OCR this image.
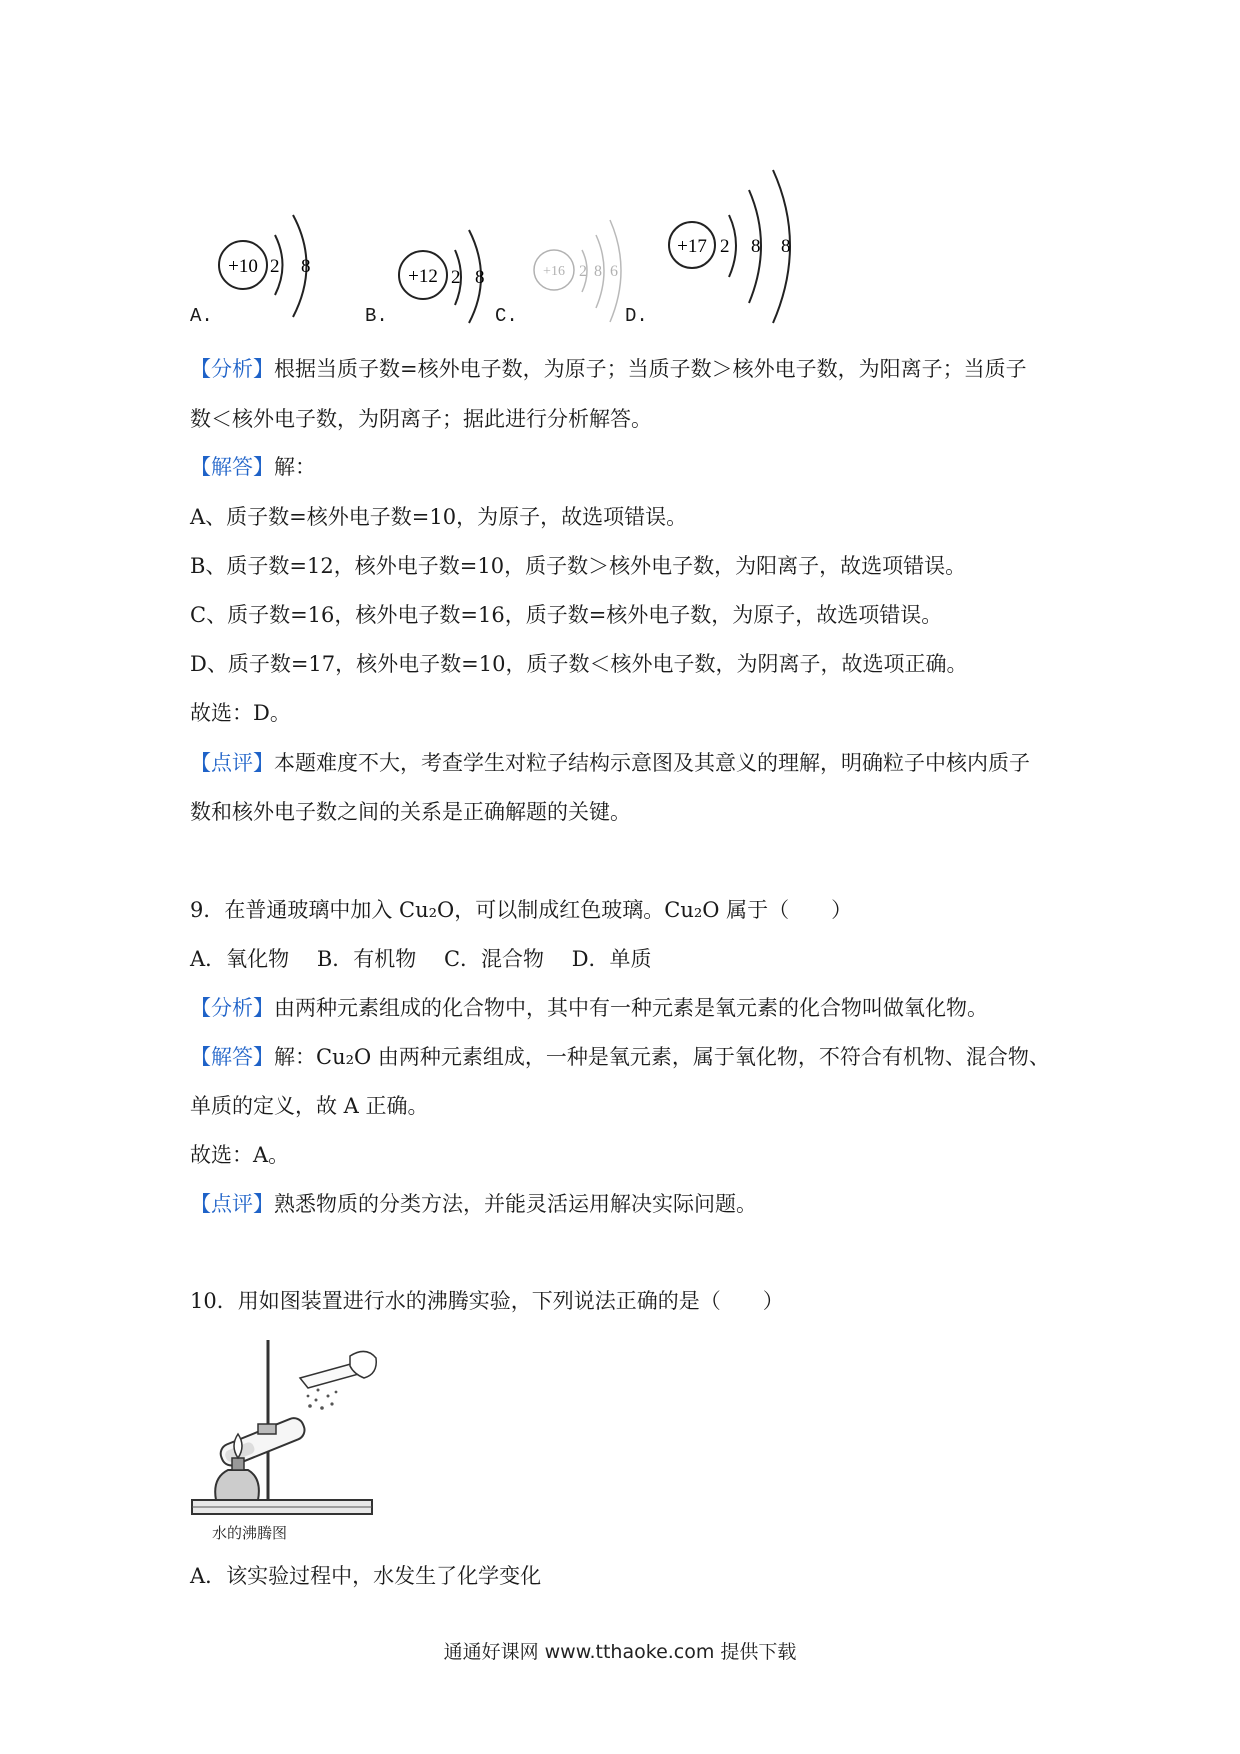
+10 2 8
A.
+12 2 8
B.
+16 2 8 6
C.
+17 2 8 8
D.
【分析】根据当质子数=核外电子数，为原子；当质子数＞核外电子数，为阳离子；当质子
数＜核外电子数，为阴离子；据此进行分析解答。
【解答】解：
A、质子数=核外电子数=10，为原子，故选项错误。
B、质子数=12，核外电子数=10，质子数＞核外电子数，为阳离子，故选项错误。
C、质子数=16，核外电子数=16，质子数=核外电子数，为原子，故选项错误。
D、质子数=17，核外电子数=10，质子数＜核外电子数，为阴离子，故选项正确。
故选：D。
【点评】本题难度不大，考查学生对粒子结构示意图及其意义的理解，明确粒子中核内质子
数和核外电子数之间的关系是正确解题的关键。
9．在普通玻璃中加入 Cu₂O，可以制成红色玻璃。Cu₂O 属于（　　）
A．氧化物　 B．有机物　 C．混合物　 D．单质
【分析】由两种元素组成的化合物中，其中有一种元素是氧元素的化合物叫做氧化物。
【解答】解：Cu₂O 由两种元素组成，一种是氧元素，属于氧化物，不符合有机物、混合物、
单质的定义，故 A 正确。
故选：A。
【点评】熟悉物质的分类方法，并能灵活运用解决实际问题。
10．用如图装置进行水的沸腾实验，下列说法正确的是（　　）
水的沸腾图
A．该实验过程中，水发生了化学变化
通通好课网 www.tthaoke.com 提供下载
